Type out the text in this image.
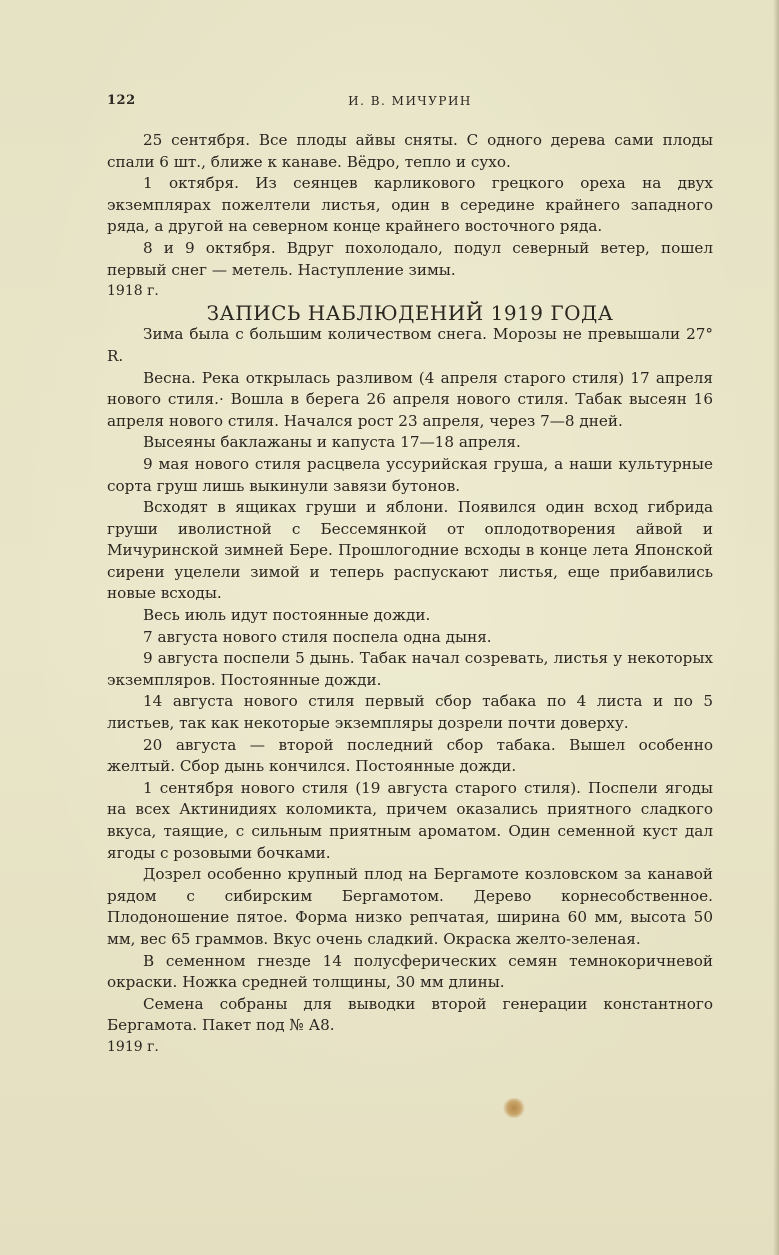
122	И. В. МИЧУРИН

25 сентября. Все плоды айвы сняты. С одного дерева сами плоды спали 6 шт., ближе к канаве. Вёдро, тепло и сухо.

1 октября. Из сеянцев карликового грецкого ореха на двух экземплярах пожелтели листья, один в середине крайнего западного ряда, а другой на северном конце крайнего восточного ряда.

8 и 9 октября. Вдруг похолодало, подул северный ветер, пошел первый снег — метель. Наступление зимы.

1918 г.

ЗАПИСЬ НАБЛЮДЕНИЙ 1919 ГОДА

Зима была с большим количеством снега. Морозы не превышали 27° R.

Весна. Река открылась разливом (4 апреля старого стиля) 17 апреля нового стиля.· Вошла в берега 26 апреля нового стиля. Табак высеян 16 апреля нового стиля. Начался рост 23 апреля, через 7—8 дней.

Высеяны баклажаны и капуста 17—18 апреля.

9 мая нового стиля расцвела уссурийская груша, а наши культурные сорта груш лишь выкинули завязи бутонов.

Всходят в ящиках груши и яблони. Появился один всход гибрида груши иволистной с Бессемянкой от оплодотворения айвой и Мичуринской зимней Бере. Прошлогодние всходы в конце лета Японской сирени уцелели зимой и теперь распускают листья, еще прибавились новые всходы.

Весь июль идут постоянные дожди.

7 августа нового стиля поспела одна дыня.

9 августа поспели 5 дынь. Табак начал созревать, листья у некоторых экземпляров. Постоянные дожди.

14 августа нового стиля первый сбор табака по 4 листа и по 5 листьев, так как некоторые экземпляры дозрели почти доверху.

20 августа — второй последний сбор табака. Вышел особенно желтый. Сбор дынь кончился. Постоянные дожди.

1 сентября нового стиля (19 августа старого стиля). Поспели ягоды на всех Актинидиях коломикта, причем оказались приятного сладкого вкуса, таящие, с сильным приятным ароматом. Один семенной куст дал ягоды с розовыми бочками.

Дозрел особенно крупный плод на Бергамоте козловском за канавой рядом с сибирским Бергамотом. Дерево корнесобственное. Плодоношение пятое. Форма низко репчатая, ширина 60 мм, высота 50 мм, вес 65 граммов. Вкус очень сладкий. Окраска желто-зеленая.

В семенном гнезде 14 полусферических семян темнокоричневой окраски. Ножка средней толщины, 30 мм длины.

Семена собраны для выводки второй генерации константного Бергамота. Пакет под № А8.

1919 г.
